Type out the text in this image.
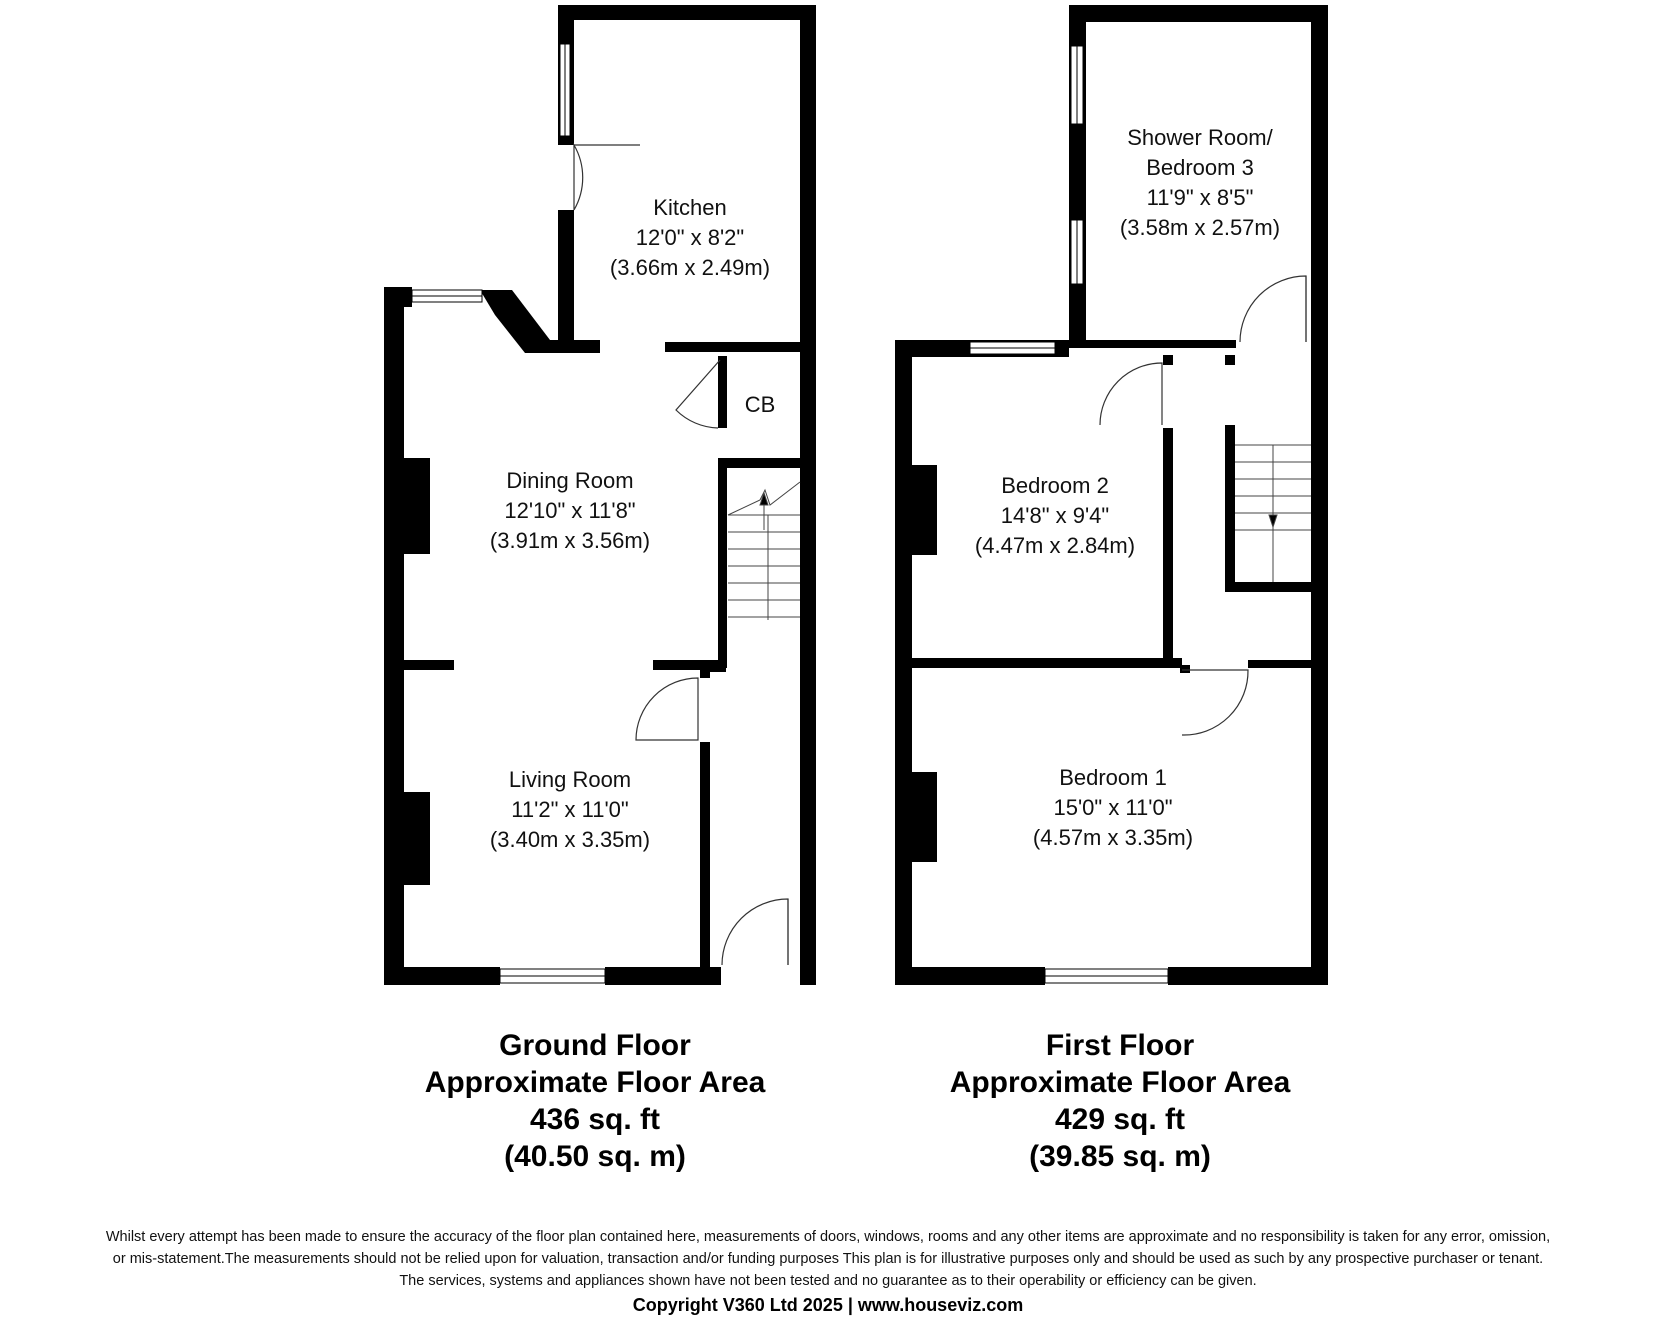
Kitchen
12'0" x 8'2"
(3.66m x 2.49m)
CB
Dining Room
12'10" x 11'8"
(3.91m x 3.56m)
Living Room
11'2" x 11'0"
(3.40m x 3.35m)
Shower Room/
Bedroom 3
11'9" x 8'5"
(3.58m x 2.57m)
Bedroom 2
14'8" x 9'4"
(4.47m x 2.84m)
Bedroom 1
15'0" x 11'0"
(4.57m x 3.35m)
Ground Floor
Approximate Floor Area
436 sq. ft
(40.50 sq. m)
First Floor
Approximate Floor Area
429 sq. ft
(39.85 sq. m)
Whilst every attempt has been made to ensure the accuracy of the floor plan contained here, measurements of doors, windows, rooms and any other items are approximate and no responsibility is taken for any error, omission,
or mis-statement.The measurements should not be relied upon for valuation, transaction and/or funding purposes This plan is for illustrative purposes only and should be used as such by any prospective purchaser or tenant.
The services, systems and appliances shown have not been tested and no guarantee as to their operability or efficiency can be given.
Copyright V360 Ltd 2025 | www.houseviz.com
